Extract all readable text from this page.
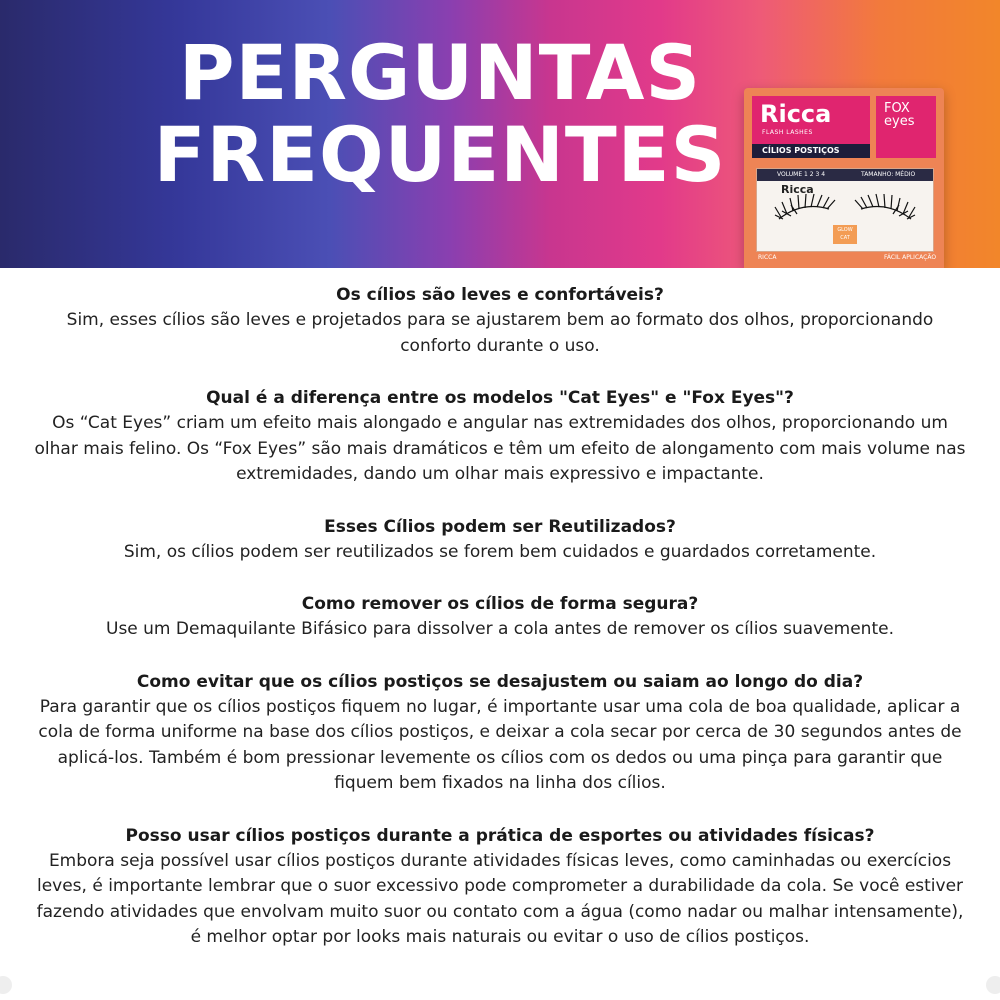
PERGUNTAS
FREQUENTES	Ricca
FLASH LASHES
CÍLIOS POSTIÇOS
FOX eyes
VOLUME 1 2 3 4	TAMANHO: MÉDIO
Ricca
GLOW CAT
RICCA	FÁCIL APLICAÇÃO
Os cílios são leves e confortáveis?
Sim, esses cílios são leves e projetados para se ajustarem bem ao formato dos olhos, proporcionando conforto durante o uso.
Qual é a diferença entre os modelos "Cat Eyes" e "Fox Eyes"?
Os “Cat Eyes” criam um efeito mais alongado e angular nas extremidades dos olhos, proporcionando um olhar mais felino. Os “Fox Eyes” são mais dramáticos e têm um efeito de alongamento com mais volume nas extremidades, dando um olhar mais expressivo e impactante.
Esses Cílios podem ser Reutilizados?
Sim, os cílios podem ser reutilizados se forem bem cuidados e guardados corretamente.
Como remover os cílios de forma segura?
Use um Demaquilante Bifásico para dissolver a cola antes de remover os cílios suavemente.
Como evitar que os cílios postiços se desajustem ou saiam ao longo do dia?
Para garantir que os cílios postiços fiquem no lugar, é importante usar uma cola de boa qualidade, aplicar a cola de forma uniforme na base dos cílios postiços, e deixar a cola secar por cerca de 30 segundos antes de aplicá-los. Também é bom pressionar levemente os cílios com os dedos ou uma pinça para garantir que fiquem bem fixados na linha dos cílios.
Posso usar cílios postiços durante a prática de esportes ou atividades físicas?
Embora seja possível usar cílios postiços durante atividades físicas leves, como caminhadas ou exercícios leves, é importante lembrar que o suor excessivo pode comprometer a durabilidade da cola. Se você estiver fazendo atividades que envolvam muito suor ou contato com a água (como nadar ou malhar intensamente), é melhor optar por looks mais naturais ou evitar o uso de cílios postiços.
